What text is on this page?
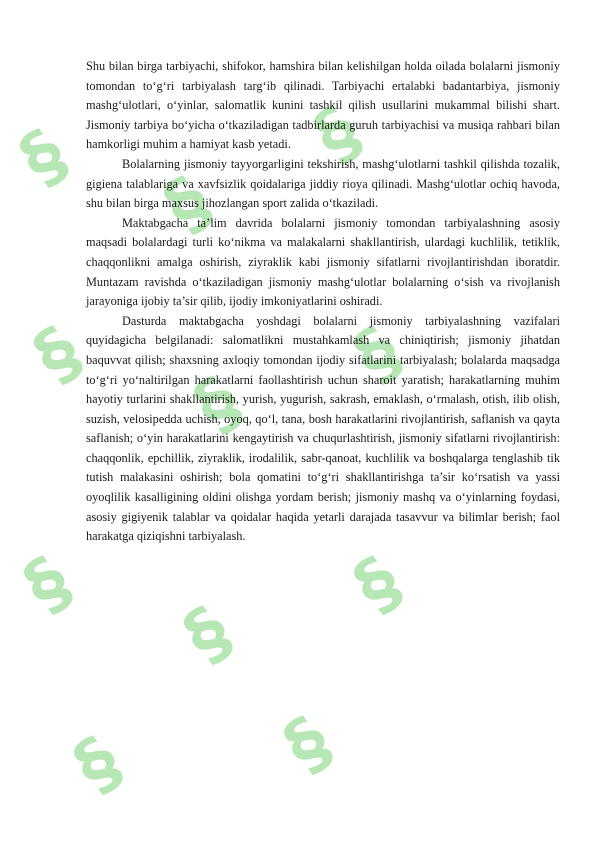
§
§
§
§
§
§
§
§
§
§ §

Shu bilan birga tarbiyachi, shifokor, hamshira bilan kelishilgan holda oilada bolalarni jismoniy tomondan to‘g‘ri tarbiyalash targ‘ib qilinadi. Tarbiyachi ertalabki badantarbiya, jismoniy mashg‘ulotlari, o‘yinlar, salomatlik kunini tashkil qilish usullarini mukammal bilishi shart. Jismoniy tarbiya bo‘yicha o‘tkaziladigan tadbirlarda guruh tarbiyachisi va musiqa rahbari bilan hamkorligi muhim a hamiyat kasb yetadi.

Bolalarning jismoniy tayyorgarligini tekshirish, mashg‘ulotlarni tashkil qilishda tozalik, gigiena talablariga va xavfsizlik qoidalariga jiddiy rioya qilinadi. Mashg‘ulotlar ochiq havoda, shu bilan birga maxsus jihozlangan sport zalida o‘tkaziladi.

Maktabgacha ta’lim davrida bolalarni jismoniy tomondan tarbiyalashning asosiy maqsadi bolalardagi turli ko‘nikma va malakalarni shakllantirish, ulardagi kuchlilik, tetiklik, chaqqonlikni amalga oshirish, ziyraklik kabi jismoniy sifatlarni rivojlantirishdan iboratdir. Muntazam ravishda o‘tkaziladigan jismoniy mashg‘ulotlar bolalarning o‘sish va rivojlanish jarayoniga ijobiy ta’sir qilib, ijodiy imkoniyatlarini oshiradi.

Dasturda maktabgacha yoshdagi bolalarni jismoniy tarbiyalashning vazifalari quyidagicha belgilanadi: salomatlikni mustahkamlash va chiniqtirish; jismoniy jihatdan baquvvat qilish; shaxsning axloqiy tomondan ijodiy sifatlarini tarbiyalash; bolalarda maqsadga to‘g‘ri yo‘naltirilgan harakatlarni faollashtirish uchun sharoit yaratish; harakatlarning muhim hayotiy turlarini shakllantirish, yurish, yugurish, sakrash, emaklash, o‘rmalash, otish, ilib olish, suzish, velosipedda uchish, oyoq, qo‘l, tana, bosh harakatlarini rivojlantirish, saflanish va qayta saflanish; o‘yin harakatlarini kengaytirish va chuqurlashtirish, jismoniy sifatlarni rivojlantirish: chaqqonlik, epchillik, ziyraklik, irodalilik, sabr-qanoat, kuchlilik va boshqalarga tenglashib tik tutish malakasini oshirish; bola qomatini to‘g‘ri shakllantirishga ta’sir ko‘rsatish va yassi oyoqlilik kasalligining oldini olishga yordam berish; jismoniy mashq va o‘yinlarning foydasi, asosiy gigiyenik talablar va qoidalar haqida yetarli darajada tasavvur va bilimlar berish; faol harakatga qiziqishni tarbiyalash.
